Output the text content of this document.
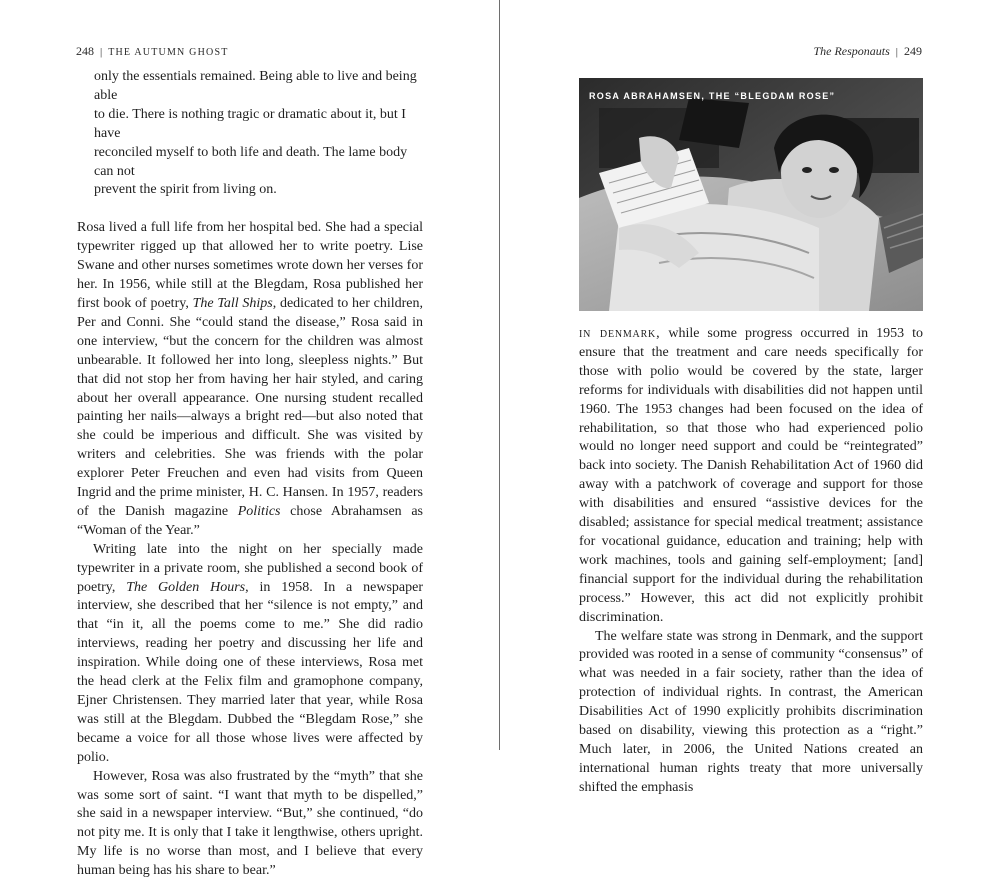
248 | THE AUTUMN GHOST

only the essentials remained. Being able to live and being able

to die. There is nothing tragic or dramatic about it, but I have

reconciled myself to both life and death. The lame body can not

prevent the spirit from living on.

Rosa lived a full life from her hospital bed. She had a special typewriter rigged up that allowed her to write poetry. Lise Swane and other nurses sometimes wrote down her verses for her. In 1956, while still at the Blegdam, Rosa published her first book of poetry, The Tall Ships, dedicated to her children, Per and Conni. She “could stand the disease,” Rosa said in one interview, “but the concern for the children was almost unbearable. It followed her into long, sleepless nights.” But that did not stop her from having her hair styled, and caring about her overall appearance. One nursing student recalled painting her nails—always a bright red—but also noted that she could be imperious and difficult. She was visited by writers and celebrities. She was friends with the polar explorer Peter Freuchen and even had visits from Queen Ingrid and the prime minister, H. C. Hansen. In 1957, readers of the Danish magazine Politics chose Abrahamsen as “Woman of the Year.”

Writing late into the night on her specially made typewriter in a private room, she published a second book of poetry, The Golden Hours, in 1958. In a newspaper interview, she described that her “silence is not empty,” and that “in it, all the poems come to me.” She did radio interviews, reading her poetry and discussing her life and inspiration. While doing one of these interviews, Rosa met the head clerk at the Felix film and gramophone company, Ejner Christensen. They married later that year, while Rosa was still at the Blegdam. Dubbed the “Blegdam Rose,” she became a voice for all those whose lives were affected by polio.

However, Rosa was also frustrated by the “myth” that she was some sort of saint. “I want that myth to be dispelled,” she said in a newspaper interview. “But,” she continued, “do not pity me. It is only that I take it lengthwise, others upright. My life is no worse than most, and I believe that every human being has his share to bear.”

The Responauts | 249
ROSA ABRAHAMSEN, THE “BLEGDAM ROSE”

in denmark, while some progress occurred in 1953 to ensure that the treatment and care needs specifically for those with polio would be covered by the state, larger reforms for individuals with disabilities did not happen until 1960. The 1953 changes had been focused on the idea of rehabilitation, so that those who had experienced polio would no longer need support and could be “reintegrated” back into society. The Danish Rehabilitation Act of 1960 did away with a patchwork of coverage and support for those with disabilities and ensured “assistive devices for the disabled; assistance for special medical treatment; assistance for vocational guidance, education and training; help with work machines, tools and gaining self-employment; [and] financial support for the individual during the rehabilitation process.” However, this act did not explicitly prohibit discrimination.

The welfare state was strong in Denmark, and the support provided was rooted in a sense of community “consensus” of what was needed in a fair society, rather than the idea of protection of individual rights. In contrast, the American Disabilities Act of 1990 explicitly prohibits discrimination based on disability, viewing this protection as a “right.” Much later, in 2006, the United Nations created an international human rights treaty that more universally shifted the emphasis
